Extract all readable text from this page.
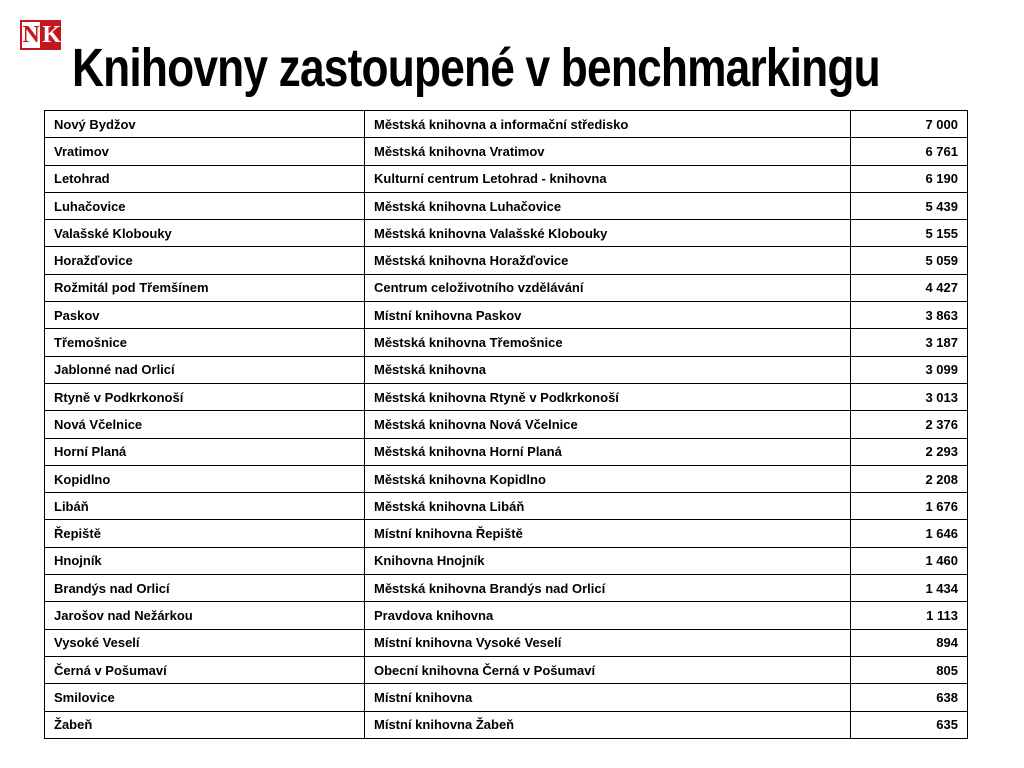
N K
Knihovny zastoupené v benchmarkingu
Nový Bydžov	Městská knihovna a informační středisko	7 000
Vratimov	Městská knihovna Vratimov	6 761
Letohrad	Kulturní centrum Letohrad - knihovna	6 190
Luhačovice	Městská knihovna Luhačovice	5 439
Valašské Klobouky	Městská knihovna Valašské Klobouky	5 155
Horažďovice	Městská knihovna Horažďovice	5 059
Rožmitál pod Třemšínem	Centrum celoživotního vzdělávání	4 427
Paskov	Místní knihovna Paskov	3 863
Třemošnice	Městská knihovna Třemošnice	3 187
Jablonné nad Orlicí	Městská knihovna	3 099
Rtyně v Podkrkonoší	Městská knihovna Rtyně v Podkrkonoší	3 013
Nová Včelnice	Městská knihovna Nová Včelnice	2 376
Horní Planá	Městská knihovna Horní Planá	2 293
Kopidlno	Městská knihovna Kopidlno	2 208
Libáň	Městská knihovna Libáň	1 676
Řepiště	Místní knihovna Řepiště	1 646
Hnojník	Knihovna Hnojník	1 460
Brandýs nad Orlicí	Městská knihovna Brandýs nad Orlicí	1 434
Jarošov nad Nežárkou	Pravdova knihovna	1 113
Vysoké Veselí	Místní knihovna Vysoké Veselí	894
Černá v Pošumaví	Obecní knihovna Černá v Pošumaví	805
Smilovice	Místní knihovna	638
Žabeň	Místní knihovna Žabeň	635
